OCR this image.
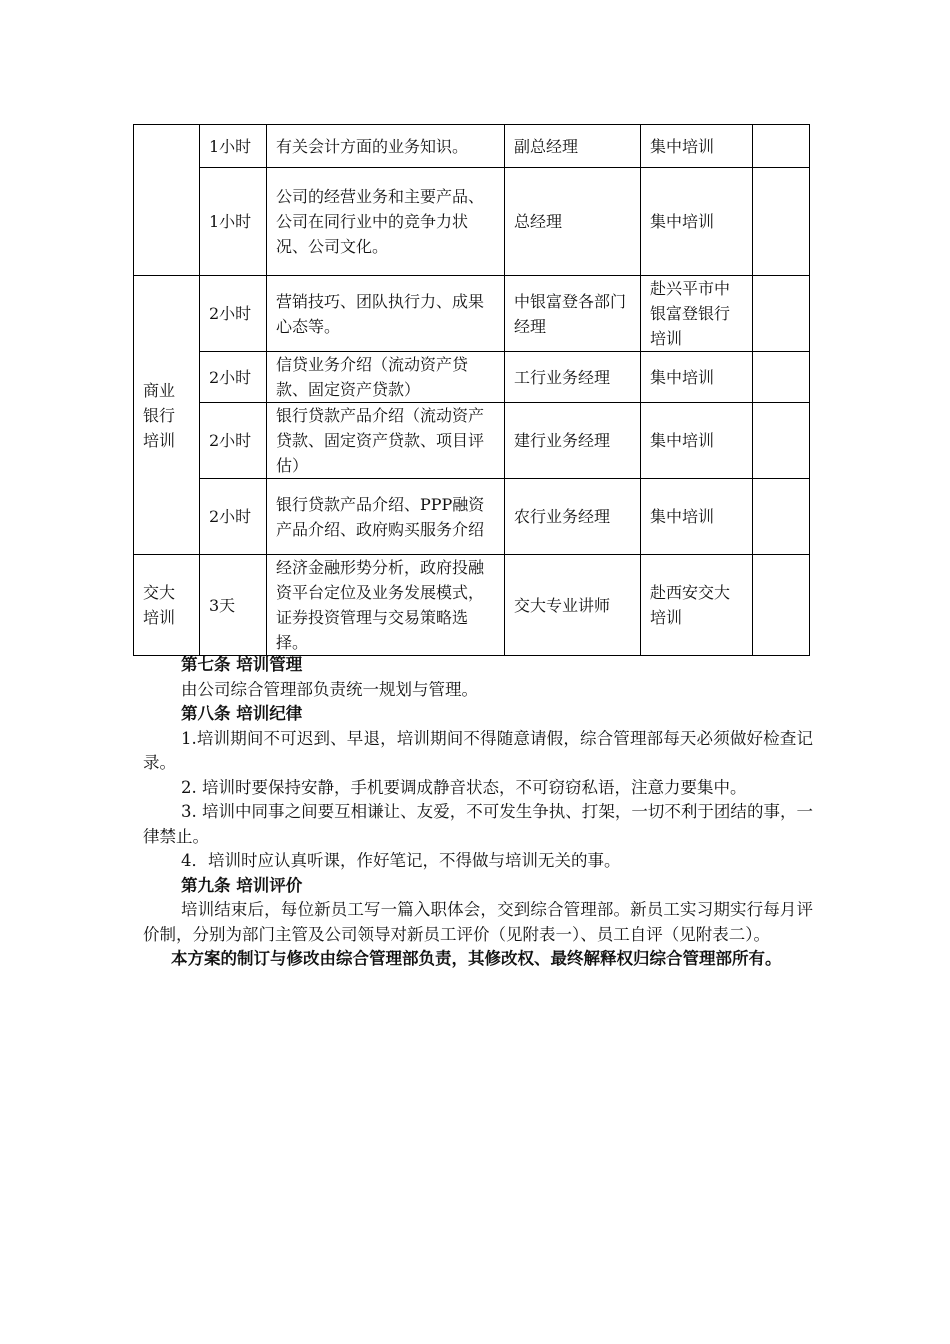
	1小时	有关会计方面的业务知识。	副总经理	集中培训	
	1小时	公司的经营业务和主要产品、公司在同行业中的竞争力状况、公司文化。	总经理	集中培训	
商业银行培训	2小时	营销技巧、团队执行力、成果心态等。	中银富登各部门经理	赴兴平市中银富登银行培训	
	2小时	信贷业务介绍（流动资产贷款、固定资产贷款）	工行业务经理	集中培训	
	2小时	银行贷款产品介绍（流动资产贷款、固定资产贷款、项目评估）	建行业务经理	集中培训	
	2小时	银行贷款产品介绍、PPP融资产品介绍、政府购买服务介绍	农行业务经理	集中培训	
交大培训	3天	经济金融形势分析，政府投融资平台定位及业务发展模式，证券投资管理与交易策略选择。	交大专业讲师	赴西安交大培训	

第七条 培训管理

由公司综合管理部负责统一规划与管理。

第八条 培训纪律

1.培训期间不可迟到、早退，培训期间不得随意请假，综合管理部每天必须做好检查记录。

2. 培训时要保持安静，手机要调成静音状态，不可窃窃私语，注意力要集中。

3. 培训中同事之间要互相谦让、友爱，不可发生争执、打架，一切不利于团结的事，一律禁止。

4．培训时应认真听课，作好笔记，不得做与培训无关的事。

第九条 培训评价

培训结束后，每位新员工写一篇入职体会，交到综合管理部。新员工实习期实行每月评价制，分别为部门主管及公司领导对新员工评价（见附表一）、员工自评（见附表二）。

本方案的制订与修改由综合管理部负责，其修改权、最终解释权归综合管理部所有。
